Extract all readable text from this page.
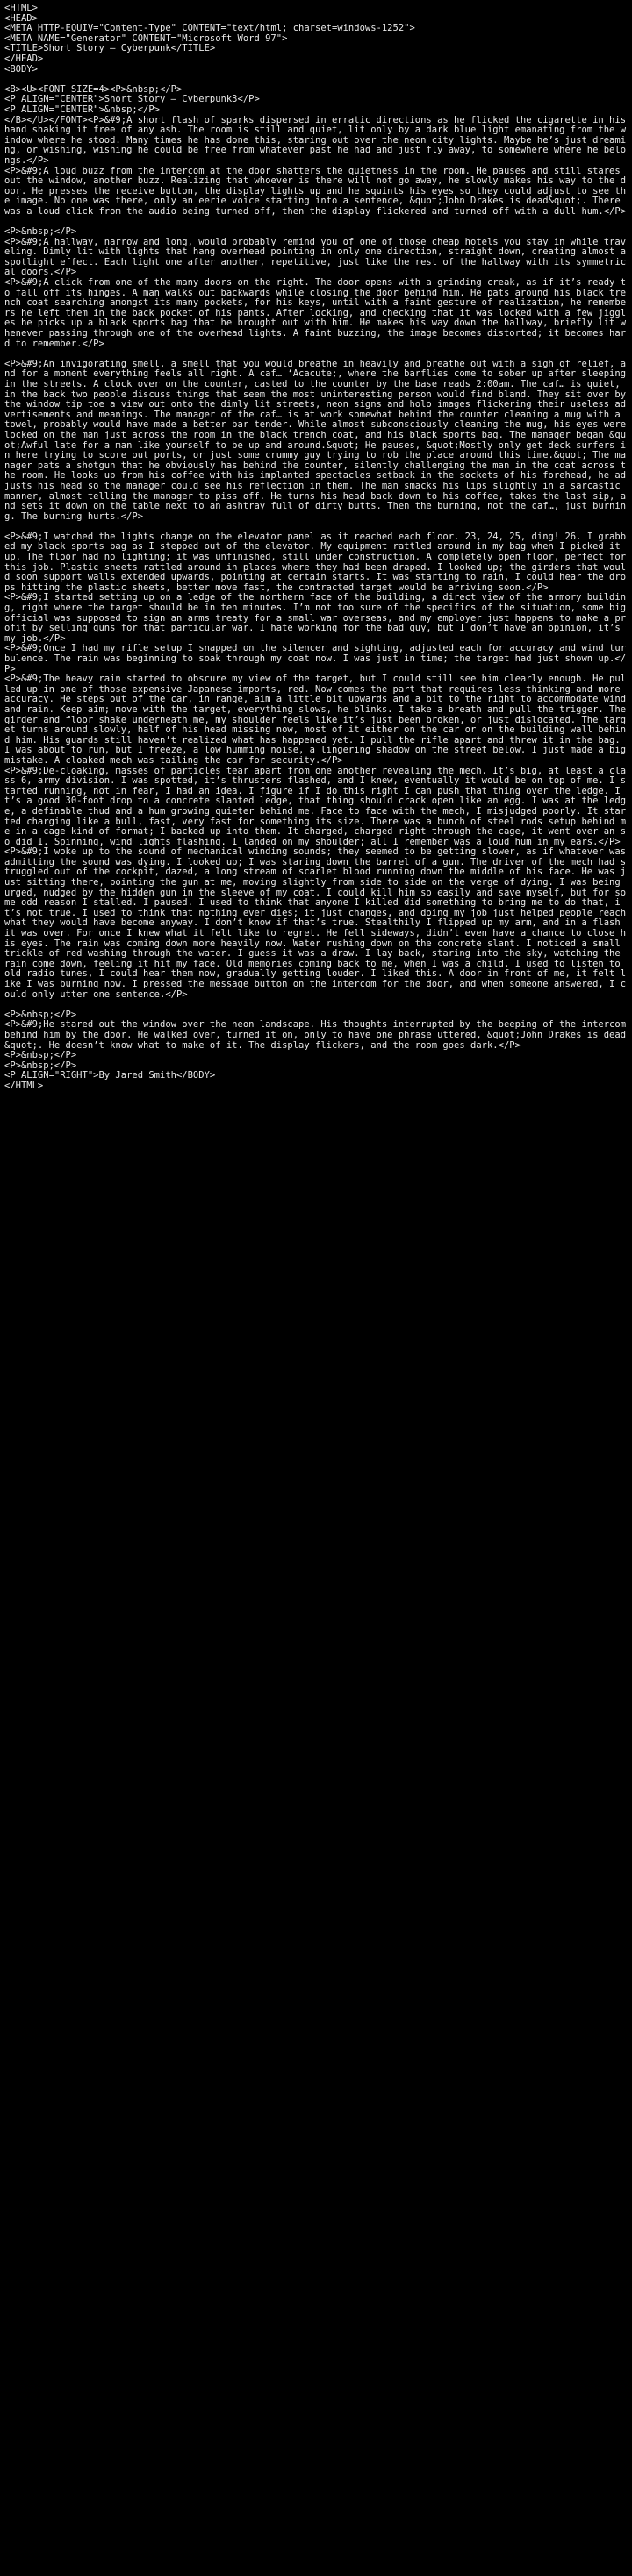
<HTML>
<HEAD>
<META HTTP-EQUIV="Content-Type" CONTENT="text/html; charset=windows-1252">
<META NAME="Generator" CONTENT="Microsoft Word 97">
<TITLE>Short Story – Cyberpunk</TITLE>
</HEAD>
<BODY>
<B><U><FONT SIZE=4><P>&nbsp;</P>
<P ALIGN="CENTER">Short Story – Cyberpunk3</P>
<P ALIGN="CENTER">&nbsp;</P>
</B></U></FONT><P>&#9;A short flash of sparks dispersed in erratic directions as he flicked the cigarette in his hand shaking it free of any ash. The room is still and quiet, lit only by a dark blue light emanating from the window where he stood. Many times he has done this, staring out over the neon city lights. Maybe he’s just dreaming, or wishing, wishing he could be free from whatever past he had and just fly away, to somewhere where he belongs.</P>
<P>&#9;A loud buzz from the intercom at the door shatters the quietness in the room. He pauses and still stares out the window, another buzz. Realizing that whoever is there will not go away, he slowly makes his way to the door. He presses the receive button, the display lights up and he squints his eyes so they could adjust to see the image. No one was there, only an eerie voice starting into a sentence, &quot;John Drakes is dead&quot;. There was a loud click from the audio being turned off, then the display flickered and turned off with a dull hum.</P>
<P>&nbsp;</P>
<P>&#9;A hallway, narrow and long, would probably remind you of one of those cheap hotels you stay in while traveling. Dimly lit with lights that hang overhead pointing in only one direction, straight down, creating almost a spotlight effect. Each light one after another, repetitive, just like the rest of the hallway with its symmetrical doors.</P>
<P>&#9;A click from one of the many doors on the right. The door opens with a grinding creak, as if it’s ready to fall off its hinges. A man walks out backwards while closing the door behind him. He pats around his black trench coat searching amongst its many pockets, for his keys, until with a faint gesture of realization, he remembers he left them in the back pocket of his pants. After locking, and checking that it was locked with a few jiggles he picks up a black sports bag that he brought out with him. He makes his way down the hallway, briefly lit whenever passing through one of the overhead lights. A faint buzzing, the image becomes distorted; it becomes hard to remember.</P>
<P>&#9;An invigorating smell, a smell that you would breathe in heavily and breathe out with a sigh of relief, and for a moment everything feels all right. A caf… ‘Acacute;, where the barflies come to sober up after sleeping in the streets. A clock over on the counter, casted to the counter by the base reads 2:00am. The caf… is quiet, in the back two people discuss things that seem the most uninteresting person would find bland. They sit over by the window tip toe a view out onto the dimly lit streets, neon signs and holo images flickering their useless advertisements and meanings. The manager of the caf… is at work somewhat behind the counter cleaning a mug with a towel, probably would have made a better bar tender. While almost subconsciously cleaning the mug, his eyes were locked on the man just across the room in the black trench coat, and his black sports bag. The manager began &quot;Awful late for a man like yourself to be up and around.&quot; He pauses, &quot;Mostly only get deck surfers in here trying to score out ports, or just some crummy guy trying to rob the place around this time.&quot; The manager pats a shotgun that he obviously has behind the counter, silently challenging the man in the coat across the room. He looks up from his coffee with his implanted spectacles setback in the sockets of his forehead, he adjusts his head so the manager could see his reflection in them. The man smacks his lips slightly in a sarcastic manner, almost telling the manager to piss off. He turns his head back down to his coffee, takes the last sip, and sets it down on the table next to an ashtray full of dirty butts. Then the burning, not the caf…, just burning. The burning hurts.</P>
<P>&#9;I watched the lights change on the elevator panel as it reached each floor. 23, 24, 25, ding! 26. I grabbed my black sports bag as I stepped out of the elevator. My equipment rattled around in my bag when I picked it up. The floor had no lighting; it was unfinished, still under construction. A completely open floor, perfect for this job. Plastic sheets rattled around in places where they had been draped. I looked up; the girders that would soon support walls extended upwards, pointing at certain starts. It was starting to rain, I could hear the drops hitting the plastic sheets, better move fast, the contracted target would be arriving soon.</P>
<P>&#9;I started setting up on a ledge of the northern face of the building, a direct view of the armory building, right where the target should be in ten minutes. I’m not too sure of the specifics of the situation, some big official was supposed to sign an arms treaty for a small war overseas, and my employer just happens to make a profit by selling guns for that particular war. I hate working for the bad guy, but I don’t have an opinion, it’s my job.</P>
<P>&#9;Once I had my rifle setup I snapped on the silencer and sighting, adjusted each for accuracy and wind turbulence. The rain was beginning to soak through my coat now. I was just in time; the target had just shown up.</P>
<P>&#9;The heavy rain started to obscure my view of the target, but I could still see him clearly enough. He pulled up in one of those expensive Japanese imports, red. Now comes the part that requires less thinking and more accuracy. He steps out of the car, in range, aim a little bit upwards and a bit to the right to accommodate wind and rain. Keep aim; move with the target, everything slows, he blinks. I take a breath and pull the trigger. The girder and floor shake underneath me, my shoulder feels like it’s just been broken, or just dislocated. The target turns around slowly, half of his head missing now, most of it either on the car or on the building wall behind him. His guards still haven’t realized what has happened yet. I pull the rifle apart and threw it in the bag. I was about to run, but I freeze, a low humming noise, a lingering shadow on the street below. I just made a big mistake. A cloaked mech was tailing the car for security.</P>
<P>&#9;De-cloaking, masses of particles tear apart from one another revealing the mech. It’s big, at least a class 6, army division. I was spotted, it’s thrusters flashed, and I knew, eventually it would be on top of me. I started running, not in fear, I had an idea. I figure if I do this right I can push that thing over the ledge. It’s a good 30-foot drop to a concrete slanted ledge, that thing should crack open like an egg. I was at the ledge, a definable thud and a hum growing quieter behind me. Face to face with the mech, I misjudged poorly. It started charging like a bull, fast, very fast for something its size. There was a bunch of steel rods setup behind me in a cage kind of format; I backed up into them. It charged, charged right through the cage, it went over an so did I. Spinning, wind lights flashing. I landed on my shoulder; all I remember was a loud hum in my ears.</P>
<P>&#9;I woke up to the sound of mechanical winding sounds; they seemed to be getting slower, as if whatever was admitting the sound was dying. I looked up; I was staring down the barrel of a gun. The driver of the mech had struggled out of the cockpit, dazed, a long stream of scarlet blood running down the middle of his face. He was just sitting there, pointing the gun at me, moving slightly from side to side on the verge of dying. I was being urged, nudged by the hidden gun in the sleeve of my coat. I could kill him so easily and save myself, but for some odd reason I stalled. I paused. I used to think that anyone I killed did something to bring me to do that, it’s not true. I used to think that nothing ever dies; it just changes, and doing my job just helped people reach what they would have become anyway. I don’t know if that’s true. Stealthily I flipped up my arm, and in a flash it was over. For once I knew what it felt like to regret. He fell sideways, didn’t even have a chance to close his eyes. The rain was coming down more heavily now. Water rushing down on the concrete slant. I noticed a small trickle of red washing through the water. I guess it was a draw. I lay back, staring into the sky, watching the rain come down, feeling it hit my face. Old memories coming back to me, when I was a child, I used to listen to old radio tunes, I could hear them now, gradually getting louder. I liked this. A door in front of me, it felt like I was burning now. I pressed the message button on the intercom for the door, and when someone answered, I could only utter one sentence.</P>
<P>&nbsp;</P>
<P>&#9;He stared out the window over the neon landscape. His thoughts interrupted by the beeping of the intercom behind him by the door. He walked over, turned it on, only to have one phrase uttered, &quot;John Drakes is dead&quot;. He doesn’t know what to make of it. The display flickers, and the room goes dark.</P>
<P>&nbsp;</P>
<P>&nbsp;</P>
<P ALIGN="RIGHT">By Jared Smith</BODY>
</HTML>
